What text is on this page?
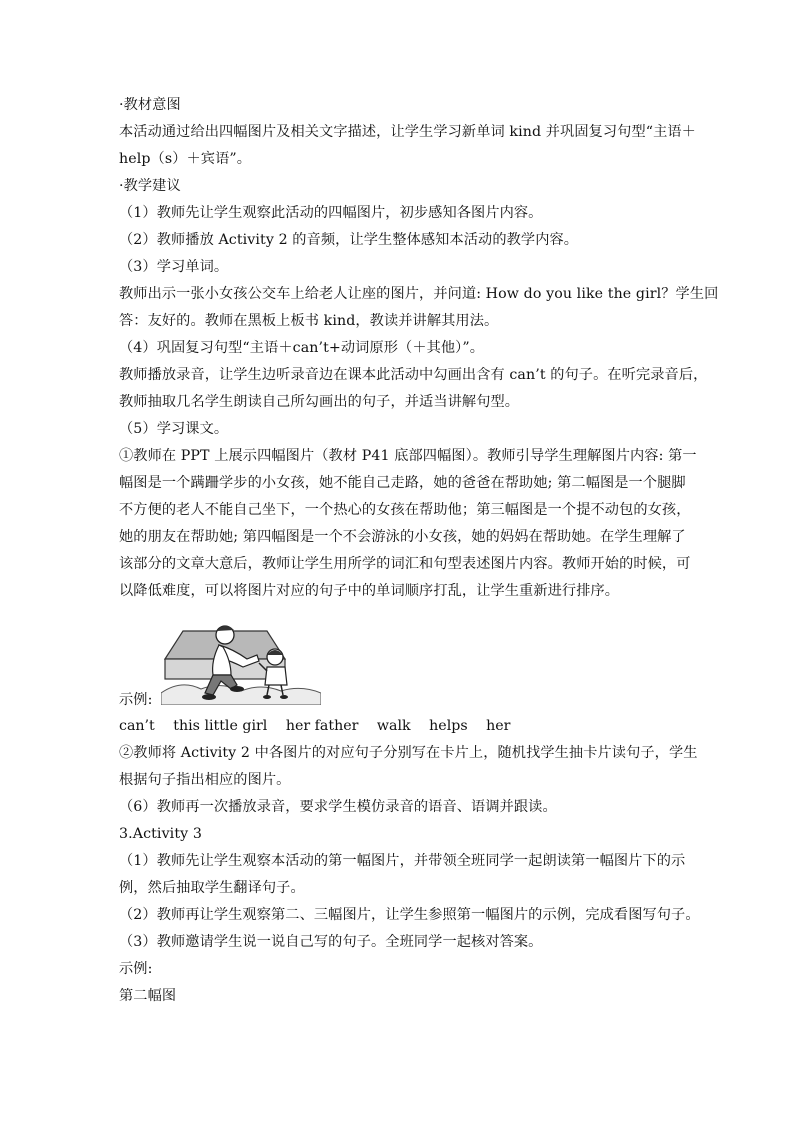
·教材意图
本活动通过给出四幅图片及相关文字描述，让学生学习新单词 kind 并巩固复习句型“主语＋
help（s）＋宾语”。
·教学建议
（1）教师先让学生观察此活动的四幅图片，初步感知各图片内容。
（2）教师播放 Activity 2 的音频，让学生整体感知本活动的教学内容。
（3）学习单词。
教师出示一张小女孩公交车上给老人让座的图片，并问道: How do you like the girl？学生回
答：友好的。教师在黑板上板书 kind，教读并讲解其用法。
（4）巩固复习句型“主语＋can’t+动词原形（＋其他）”。
教师播放录音，让学生边听录音边在课本此活动中勾画出含有 can’t 的句子。在听完录音后，
教师抽取几名学生朗读自己所勾画出的句子，并适当讲解句型。
（5）学习课文。
①教师在 PPT 上展示四幅图片（教材 P41 底部四幅图）。教师引导学生理解图片内容: 第一
幅图是一个蹒跚学步的小女孩，她不能自己走路，她的爸爸在帮助她; 第二幅图是一个腿脚
不方便的老人不能自己坐下，一个热心的女孩在帮助他；第三幅图是一个提不动包的女孩，
她的朋友在帮助她; 第四幅图是一个不会游泳的小女孩，她的妈妈在帮助她。在学生理解了
该部分的文章大意后，教师让学生用所学的词汇和句型表述图片内容。教师开始的时候，可
以降低难度，可以将图片对应的句子中的单词顺序打乱，让学生重新进行排序。
示例:
can’t this little girl her father walk helps her
②教师将 Activity 2 中各图片的对应句子分别写在卡片上，随机找学生抽卡片读句子，学生
根据句子指出相应的图片。
（6）教师再一次播放录音，要求学生模仿录音的语音、语调并跟读。
3.Activity 3
（1）教师先让学生观察本活动的第一幅图片，并带领全班同学一起朗读第一幅图片下的示
例，然后抽取学生翻译句子。
（2）教师再让学生观察第二、三幅图片，让学生参照第一幅图片的示例，完成看图写句子。
（3）教师邀请学生说一说自己写的句子。全班同学一起核对答案。
示例:
第二幅图
